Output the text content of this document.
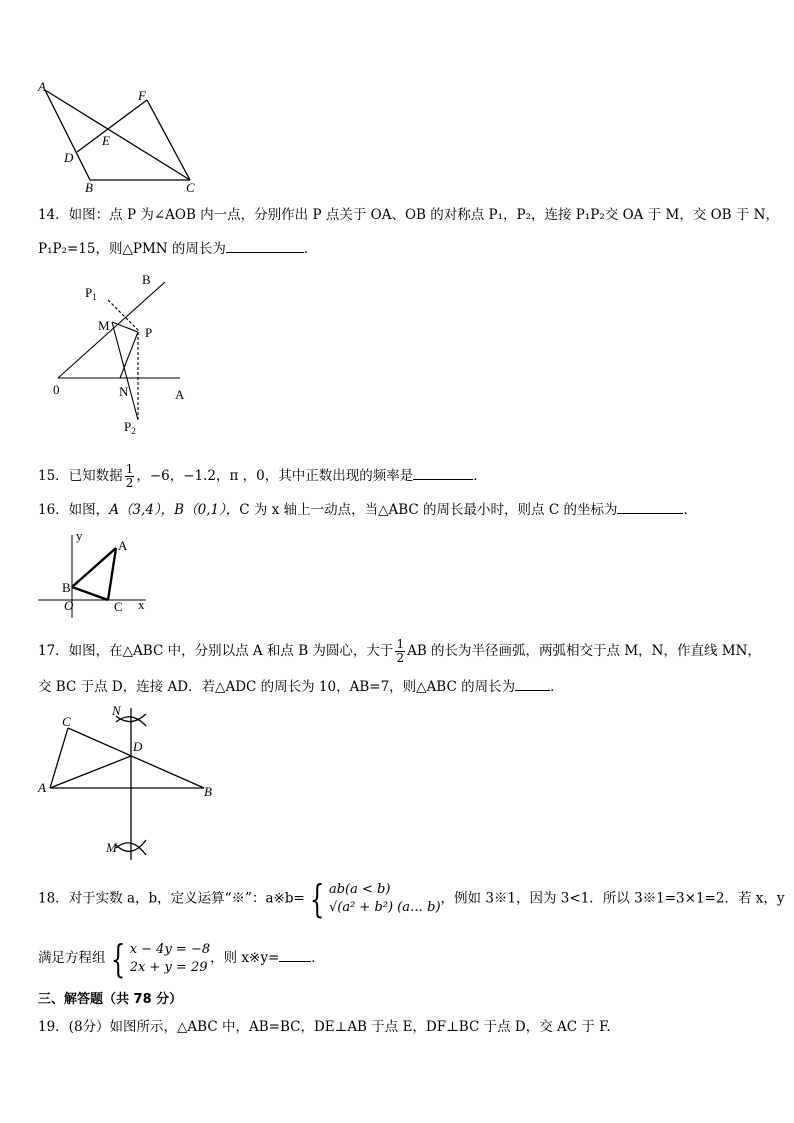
A
F
E
D
B	C
14．如图：点 P 为∠AOB 内一点，分别作出 P 点关于 OA、OB 的对称点 P₁，P₂，连接 P₁P₂交 OA 于 M，交 OB 于 N，
P₁P₂=15，则△PMN 的周长为	．
$P_1$
B
M	P
0	N	A
$P_2$
15．已知数据 $\frac{1}{2}$ ，−6，−1.2，π ，0，其中正数出现的频率是	．
16．如图，A（3,4），B（0,1），C 为 x 轴上一动点，当△ABC 的周长最小时，则点 C 的坐标为	．
y
A
B
O	C x
17．如图，在△ABC 中，分别以点 A 和点 B 为圆心，大于 $\frac{1}{2}$ AB 的长为半径画弧，两弧相交于点 M，N，作直线 MN，
交 BC 于点 D，连接 AD．若△ADC 的周长为 10，AB=7，则△ABC 的周长为	．
C
N
D
A	B
M
18．对于实数 a，b，定义运算“※”：a※b= { ab(a < b)
√(a² + b²) (a… b)
，例如 3※1，因为 3<1．所以 3※1=3×1=2．若 x，y
满足方程组 { x − 4y = −8
2x + y = 29
，则 x※y= ．
三、解答题（共 78 分）
19．(8分）如图所示，△ABC 中，AB=BC，DE⊥AB 于点 E，DF⊥BC 于点 D，交 AC 于 F.
